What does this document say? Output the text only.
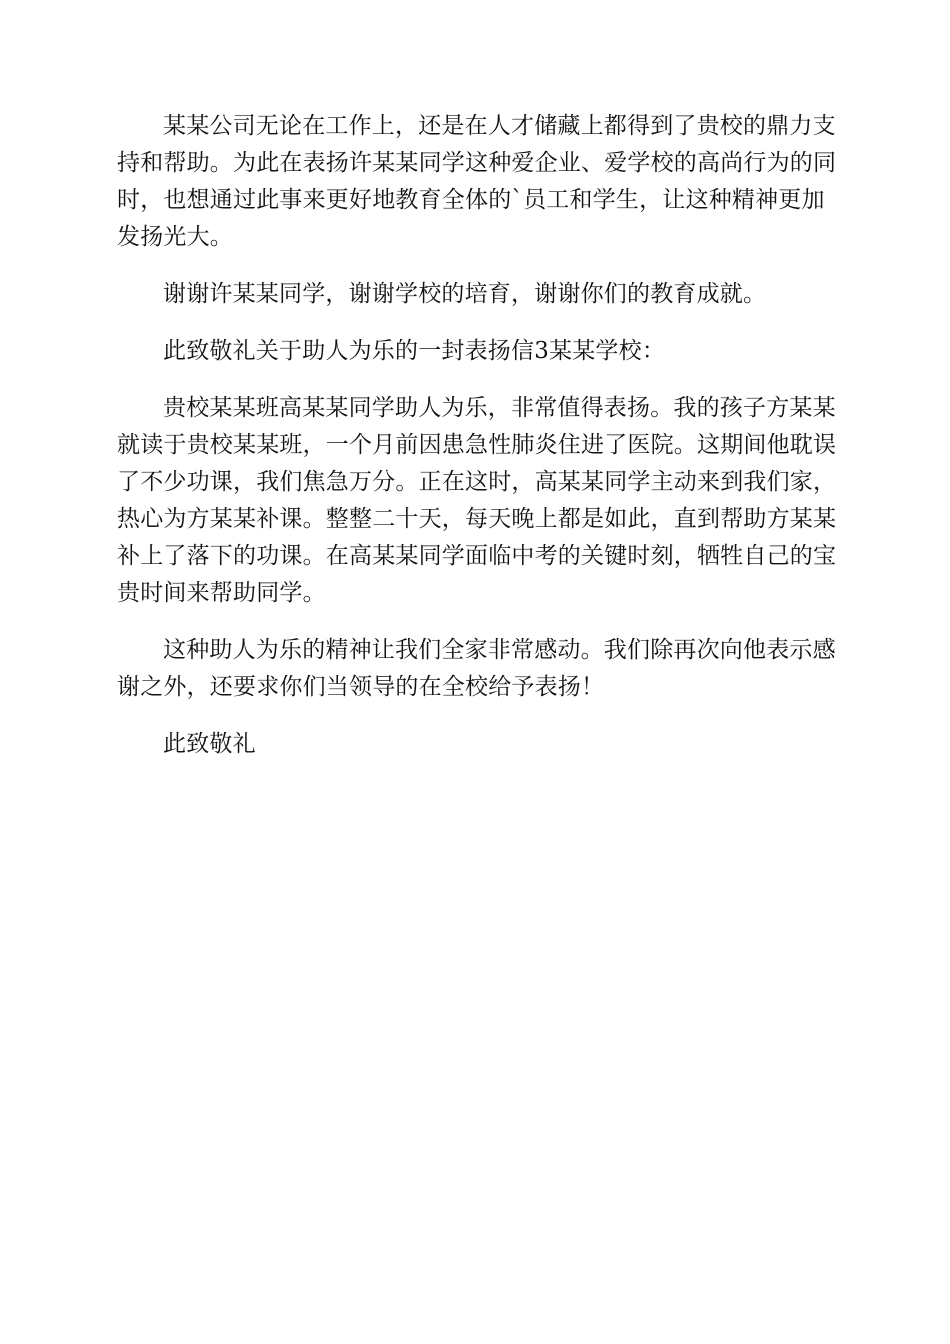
某某公司无论在工作上，还是在人才储藏上都得到了贵校的鼎力支持和帮助。为此在表扬许某某同学这种爱企业、爱学校的高尚行为的同时，也想通过此事来更好地教育全体的`员工和学生，让这种精神更加发扬光大。

谢谢许某某同学，谢谢学校的培育，谢谢你们的教育成就。

此致敬礼关于助人为乐的一封表扬信3某某学校：

贵校某某班高某某同学助人为乐，非常值得表扬。我的孩子方某某就读于贵校某某班，一个月前因患急性肺炎住进了医院。这期间他耽误了不少功课，我们焦急万分。正在这时，高某某同学主动来到我们家，热心为方某某补课。整整二十天，每天晚上都是如此，直到帮助方某某补上了落下的功课。在高某某同学面临中考的关键时刻，牺牲自己的宝贵时间来帮助同学。

这种助人为乐的精神让我们全家非常感动。我们除再次向他表示感谢之外，还要求你们当领导的在全校给予表扬！

此致敬礼
